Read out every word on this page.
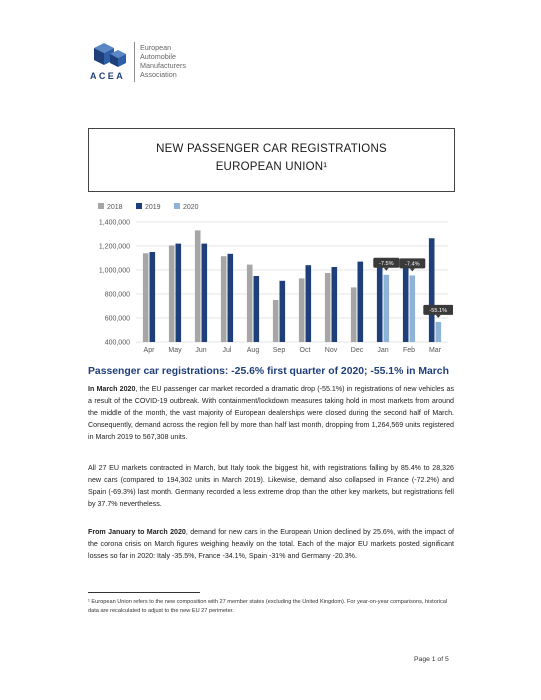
ACEA
European
Automobile
Manufacturers
Association
NEW PASSENGER CAR REGISTRATIONS
EUROPEAN UNION¹
2018	2019	2020
1,400,000
1,200,000
1,000,000
800,000
600,000
400,000
Apr May Jun Jul Aug Sep Oct Nov Dec Jan Feb Mar
-7.5% -7.4%
-55.1%
Passenger car registrations: -25.6% first quarter of 2020; -55.1% in March
In March 2020, the EU passenger car market recorded a dramatic drop (-55.1%) in registrations of new vehicles as a result of the COVID-19 outbreak. With containment/lockdown measures taking hold in most markets from around the middle of the month, the vast majority of European dealerships were closed during the second half of March. Consequently, demand across the region fell by more than half last month, dropping from 1,264,569 units registered in March 2019 to 567,308 units.
All 27 EU markets contracted in March, but Italy took the biggest hit, with registrations falling by 85.4% to 28,326 new cars (compared to 194,302 units in March 2019). Likewise, demand also collapsed in France (-72.2%) and Spain (-69.3%) last month. Germany recorded a less extreme drop than the other key markets, but registrations fell by 37.7% nevertheless.
From January to March 2020, demand for new cars in the European Union declined by 25.6%, with the impact of the corona crisis on March figures weighing heavily on the total. Each of the major EU markets posted significant losses so far in 2020: Italy -35.5%, France -34.1%, Spain -31% and Germany -20.3%.
¹ European Union refers to the new composition with 27 member states (excluding the United Kingdom). For year-on-year comparisons, historical data are recalculated to adjust to the new EU 27 perimeter.
Page 1 of 5
